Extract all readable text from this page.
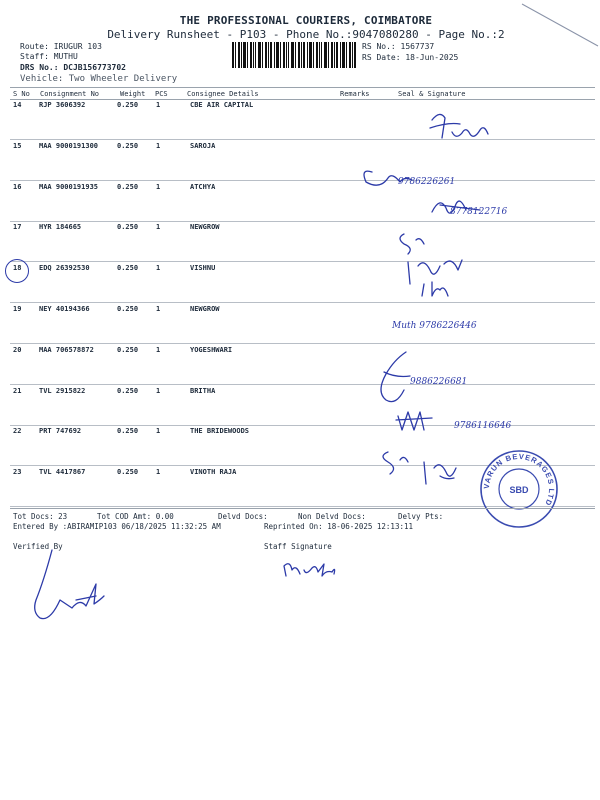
THE PROFESSIONAL COURIERS, COIMBATORE
Delivery Runsheet - P103 - Phone No.:9047080280 - Page No.:2
Route: IRUGUR 103
Staff: MUTHU
DRS No.: DCJB156773702
Vehicle: Two Wheeler Delivery
RS No.: 1567737
RS Date: 18-Jun-2025
S No Consignment No	Weight PCS	Consignee Details	Remarks	Seal & Signature
14	RJP 3606392	0.250	1	CBE AIR CAPITAL
15	MAA 9000191300	0.250	1	SAROJA
16	MAA 9000191935	0.250	1	ATCHYA
17	HYR 184665	0.250	1	NEWGROW
18	EDQ 26392530	0.250	1	VISHNU
19	NEY 40194366	0.250	1	NEWGROW
20	MAA 706578872	0.250	1	YOGESHWARI
21	TVL 2915822	0.250	1	BRITHA
22	PRT 747692	0.250	1	THE BRIDEWOODS
23	TVL 4417867	0.250	1	VINOTH RAJA
9786226261
8778122716
Muth 9786226446
9886226681
9786116646
VARUN BEVERAGES LTD
SBD
Tot Docs: 23	Tot COD Amt: 0.00	Delvd Docs:	Non Delvd Docs:	Delvy Pts:
Entered By :ABIRAMIP103 06/18/2025 11:32:25 AM	Reprinted On: 18-06-2025 12:13:11
Verified By	Staff Signature
